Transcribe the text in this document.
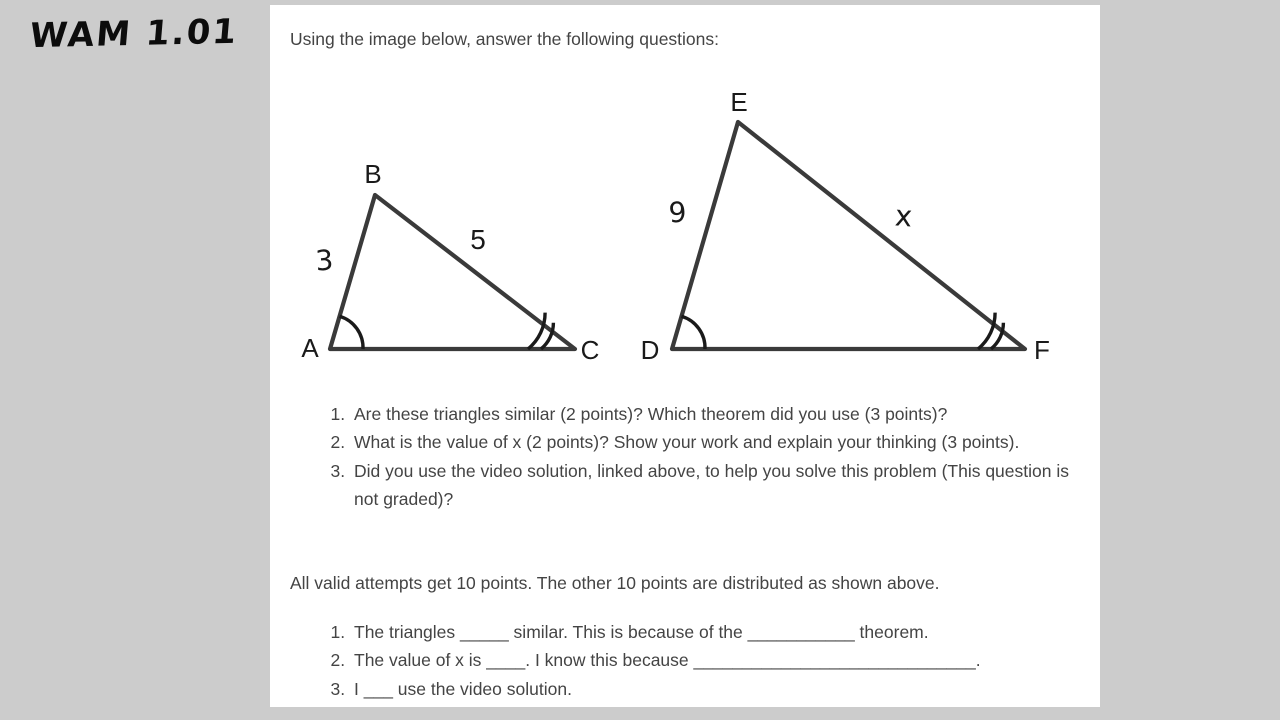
WAM 1.01	Using the image below, answer the following questions:
A
B
C
3
5
D
E
F
9	x
1. Are these triangles similar (2 points)? Which theorem did you use (3 points)?
2. What is the value of x (2 points)? Show your work and explain your thinking (3 points).
3. Did you use the video solution, linked above, to help you solve this problem (This question is not graded)?
All valid attempts get 10 points. The other 10 points are distributed as shown above.
1. The triangles _____ similar. This is because of the ___________ theorem.
2. The value of x is ____. I know this because _____________________________.
3. I ___ use the video solution.
